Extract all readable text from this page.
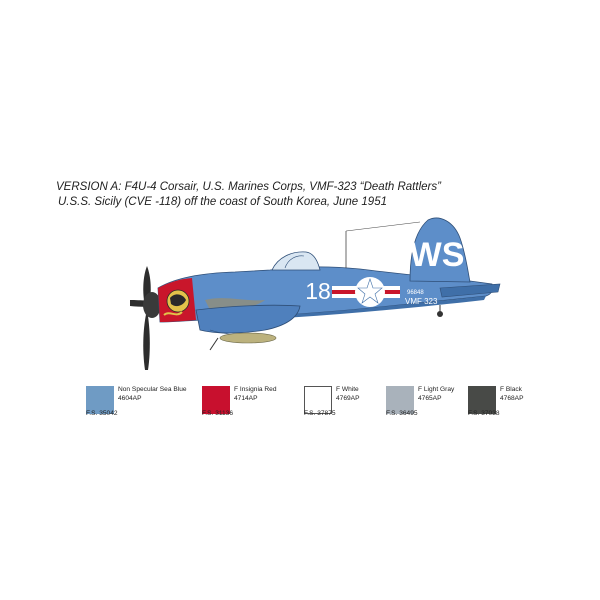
VERSION A: F4U-4 Corsair, U.S. Marines Corps, VMF-323 “Death Rattlers”
U.S.S. Sicily (CVE -118) off the coast of South Korea, June 1951
WS
18	96848
VMF 323
Non Specular Sea Blue
4604AP
F.S. 35042
F Insignia Red
4714AP
F.S. 31136
F White
4769AP
F.S. 37875
F Light Gray
4765AP
F.S. 36495
F Black
4768AP
F.S. 37038
